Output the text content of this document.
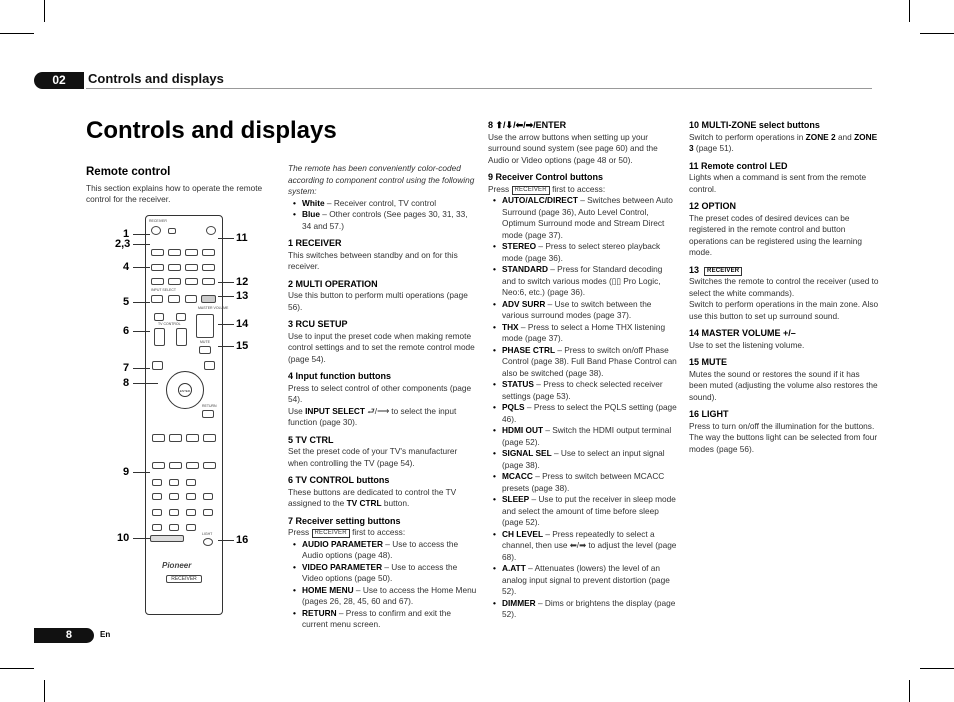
02	Controls and displays
Controls and displays
Remote control

This section explains how to operate the remote control for the receiver.

RECEIVER
INPUT SELECT
TV CONTROL
MASTER VOLUME
MUTE
ENTER
RETURN
LIGHT
Pioneer
RECEIVER
1
2,3
4
5
6
7
8
9
10
11
12
13
14
15
16

The remote has been conveniently color-coded according to component control using the following system:

• White – Receiver control, TV control
• Blue – Other controls (See pages 30, 31, 33, 34 and 57.)

1 RECEIVER

This switches between standby and on for this receiver.

2 MULTI OPERATION

Use this button to perform multi operations (page 56).

3 RCU SETUP

Use to input the preset code when making remote control settings and to set the remote control mode (page 54).

4 Input function buttons

Press to select control of other components (page 54).

Use INPUT SELECT ⮐/⟶ to select the input function (page 30).

5 TV CTRL

Set the preset code of your TV's manufacturer when controlling the TV (page 54).

6 TV CONTROL buttons

These buttons are dedicated to control the TV assigned to the TV CTRL button.

7 Receiver setting buttons

Press RECEIVER first to access:

• AUDIO PARAMETER – Use to access the Audio options (page 48).
• VIDEO PARAMETER – Use to access the Video options (page 50).
• HOME MENU – Use to access the Home Menu (pages 26, 28, 45, 60 and 67).
• RETURN – Press to confirm and exit the current menu screen.

8 ⬆/⬇/⬅/➡/ENTER

Use the arrow buttons when setting up your surround sound system (see page 60) and the Audio or Video options (page 48 or 50).

9 Receiver Control buttons

Press RECEIVER first to access:

• AUTO/ALC/DIRECT – Switches between Auto Surround (page 36), Auto Level Control, Optimum Surround mode and Stream Direct mode (page 37).
• STEREO – Press to select stereo playback mode (page 36).
• STANDARD – Press for Standard decoding and to switch various modes (▯▯ Pro Logic, Neo:6, etc.) (page 36).
• ADV SURR – Use to switch between the various surround modes (page 37).
• THX – Press to select a Home THX listening mode (page 37).
• PHASE CTRL – Press to switch on/off Phase Control (page 38). Full Band Phase Control can also be switched (page 38).
• STATUS – Press to check selected receiver settings (page 53).
• PQLS – Press to select the PQLS setting (page 46).
• HDMI OUT – Switch the HDMI output terminal (page 52).
• SIGNAL SEL – Use to select an input signal (page 38).
• MCACC – Press to switch between MCACC presets (page 38).
• SLEEP – Use to put the receiver in sleep mode and select the amount of time before sleep (page 52).
• CH LEVEL – Press repeatedly to select a channel, then use ⬅/➡ to adjust the level (page 68).
• A.ATT – Attenuates (lowers) the level of an analog input signal to prevent distortion (page 52).
• DIMMER – Dims or brightens the display (page 52).

10 MULTI-ZONE select buttons

Switch to perform operations in ZONE 2 and ZONE 3 (page 51).

11 Remote control LED

Lights when a command is sent from the remote control.

12 OPTION

The preset codes of desired devices can be registered in the remote control and button operations can be registered using the learning mode.

13 RECEIVER

Switches the remote to control the receiver (used to select the white commands).

Switch to perform operations in the main zone. Also use this button to set up surround sound.

14 MASTER VOLUME +/–

Use to set the listening volume.

15 MUTE

Mutes the sound or restores the sound if it has been muted (adjusting the volume also restores the sound).

16 LIGHT

Press to turn on/off the illumination for the buttons.

The way the buttons light can be selected from four modes (page 56).

8	En
